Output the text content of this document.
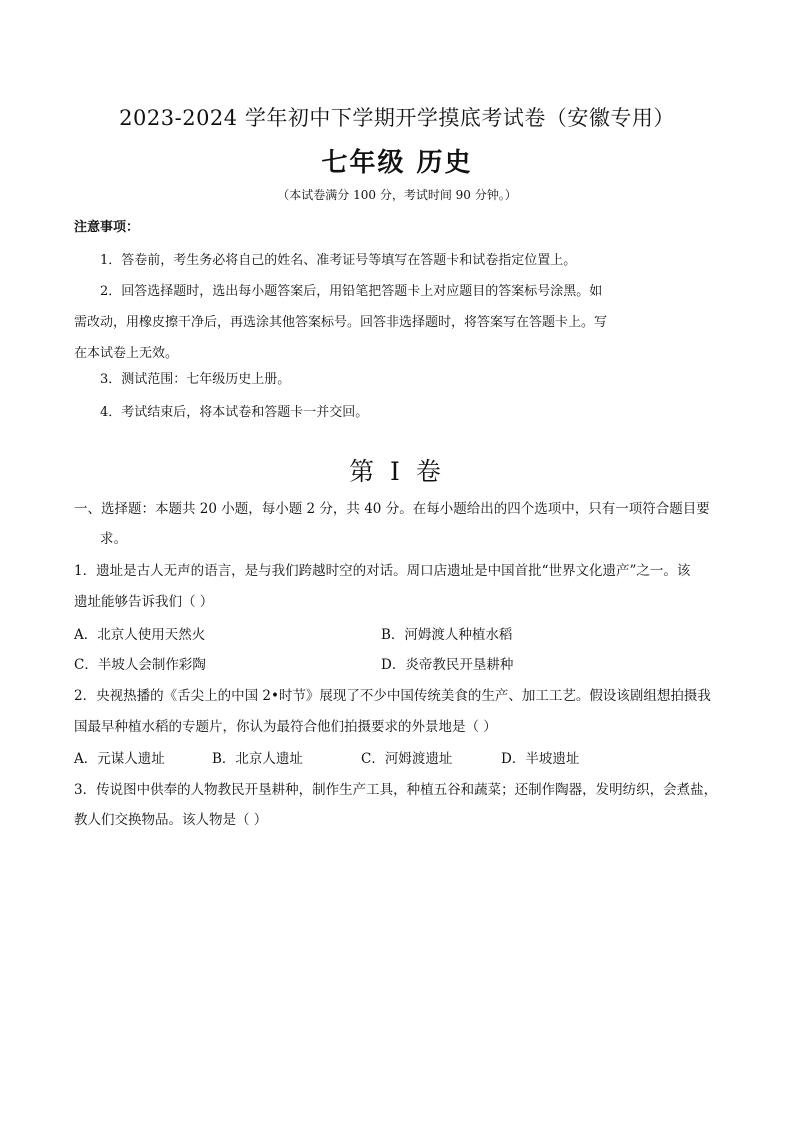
2023-2024 学年初中下学期开学摸底考试卷（安徽专用）
七年级 历史
（本试卷满分 100 分，考试时间 90 分钟。）
注意事项：
1．答卷前，考生务必将自己的姓名、准考证号等填写在答题卡和试卷指定位置上。
2．回答选择题时，选出每小题答案后，用铅笔把答题卡上对应题目的答案标号涂黑。如
需改动，用橡皮擦干净后，再选涂其他答案标号。回答非选择题时，将答案写在答题卡上。写
在本试卷上无效。
3．测试范围：七年级历史上册。
4．考试结束后，将本试卷和答题卡一并交回。
第 I 卷
一、选择题：本题共 20 小题，每小题 2 分，共 40 分。在每小题给出的四个选项中，只有一项符合题目要
求。
1．遗址是古人无声的语言，是与我们跨越时空的对话。周口店遗址是中国首批“世界文化遗产”之一。该
遗址能够告诉我们（ ）
A．北京人使用天然火	B．河姆渡人种植水稻
C．半坡人会制作彩陶	D．炎帝教民开垦耕种
2．央视热播的《舌尖上的中国 2•时节》展现了不少中国传统美食的生产、加工工艺。假设该剧组想拍摄我
国最早种植水稻的专题片，你认为最符合他们拍摄要求的外景地是（ ）
A．元谋人遗址	B．北京人遗址	C．河姆渡遗址	D．半坡遗址
3．传说图中供奉的人物教民开垦耕种，制作生产工具，种植五谷和蔬菜；还制作陶器，发明纺织，会煮盐，
教人们交换物品。该人物是（ ）
